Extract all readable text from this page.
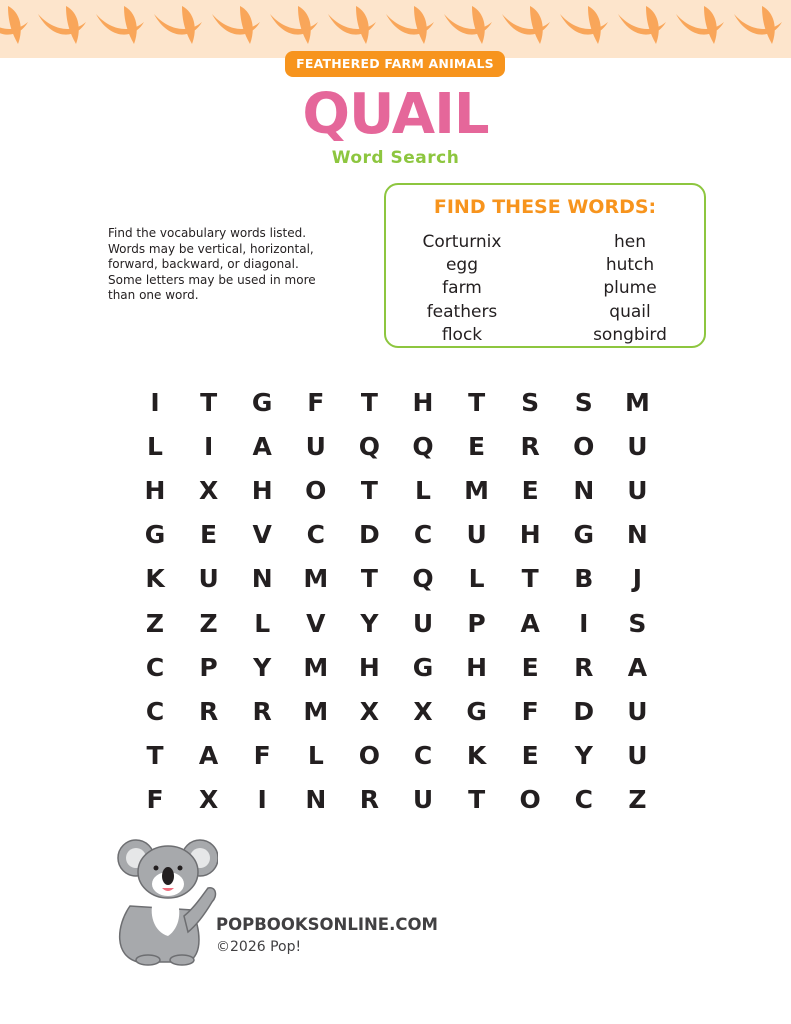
FEATHERED FARM ANIMALS
QUAIL
Word Search
Find the vocabulary words listed.
Words may be vertical, horizontal,
forward, backward, or diagonal.
Some letters may be used in more
than one word.
FIND THESE WORDS:
Corturnix
egg
farm
feathers
flock
hen
hutch
plume
quail
songbird
I	T	G	F	T	H	T	S	S	M
L	I	A	U	Q	Q	E	R	O	U
H	X	H	O	T	L	M	E	N	U
G	E	V	C	D	C	U	H	G	N
K	U	N	M	T	Q	L	T	B	J
Z	Z	L	V	Y	U	P	A	I	S
C	P	Y	M	H	G	H	E	R	A
C	R	R	M	X	X	G	F	D	U
T	A	F	L	O	C	K	E	Y	U
F	X	I	N	R	U	T	O	C	Z
POPBOOKSONLINE.COM
©2026 Pop!
